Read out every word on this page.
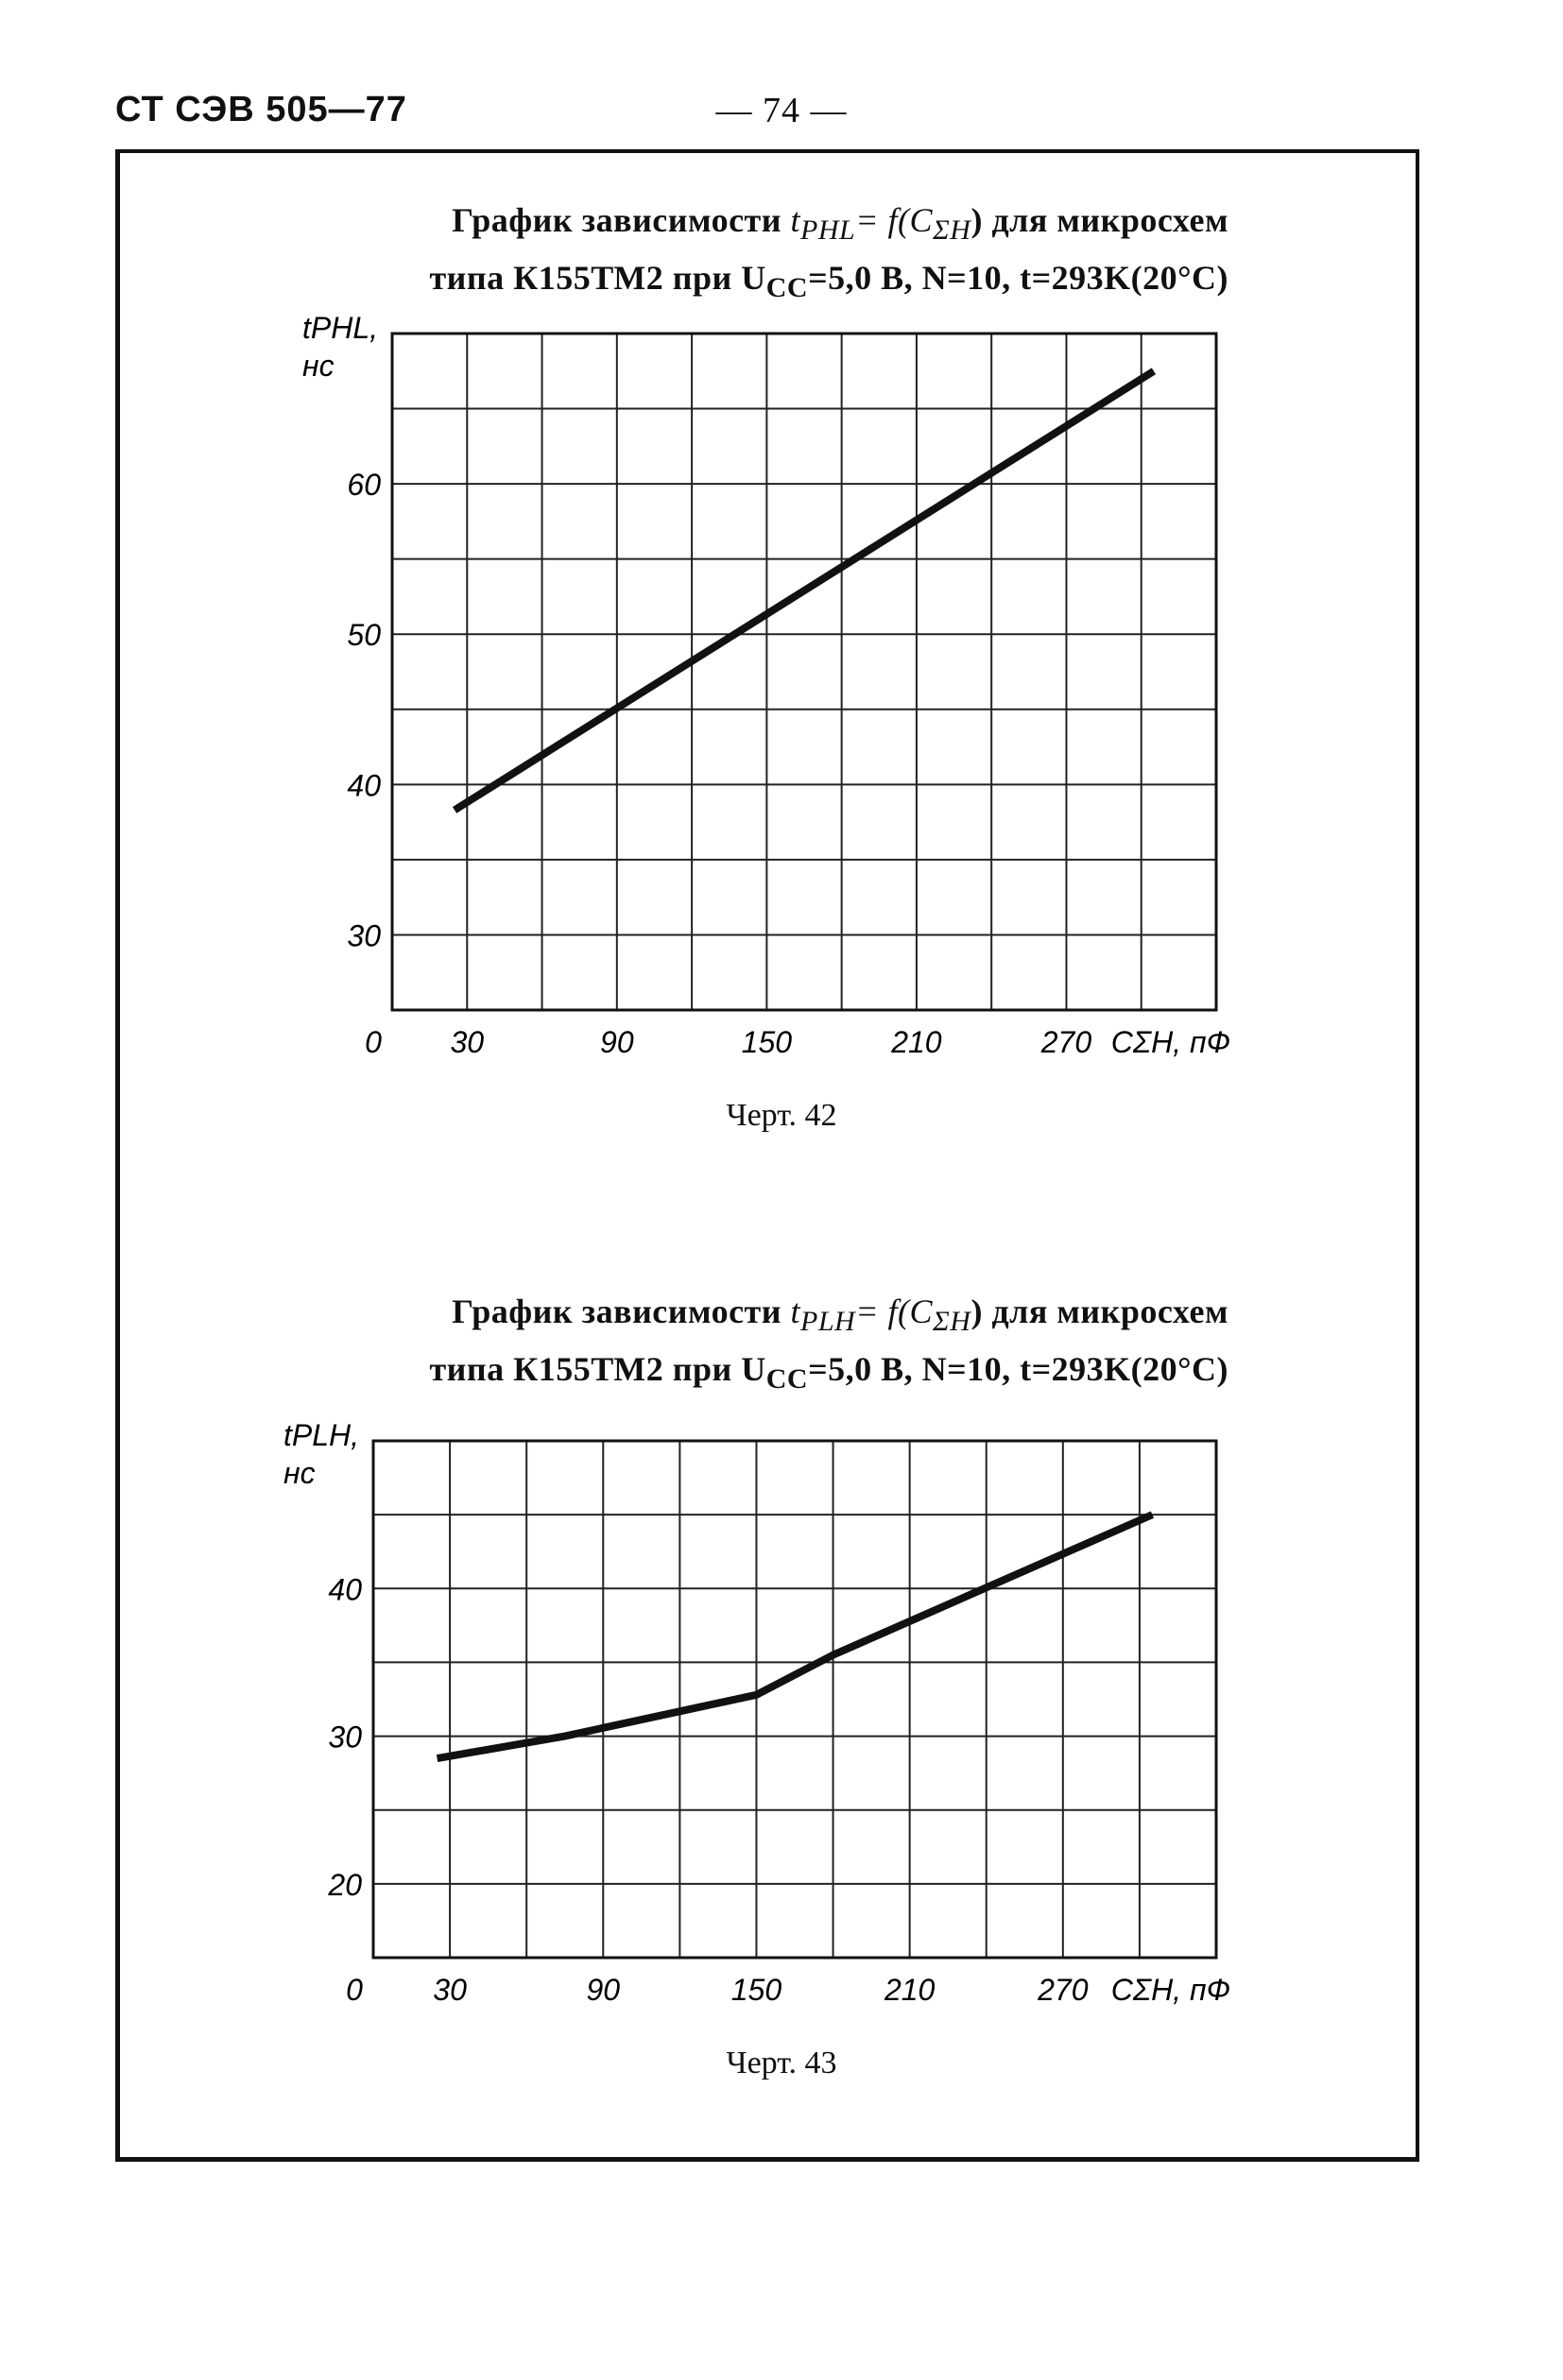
СТ СЭВ 505—77	— 74 —
График зависимости $t_{PHL}= f(C_{\Sigma H})$ для микросхем
типа К155ТМ2 при $U_{CC}=5,0$ В, N=10, t=293K(20°C)
30	90	150	210	270
0
30
40
50
60
tPHL,
нс
CΣH, пФ
Черт. 42
График зависимости $t_{PLH}= f(C_{\Sigma H})$ для микросхем
типа К155ТМ2 при $U_{CC}=5,0$ В, N=10, t=293K(20°C)
30	90	150	210	270
0
20
30
40
tPLH,
нс
CΣH, пФ
Черт. 43
